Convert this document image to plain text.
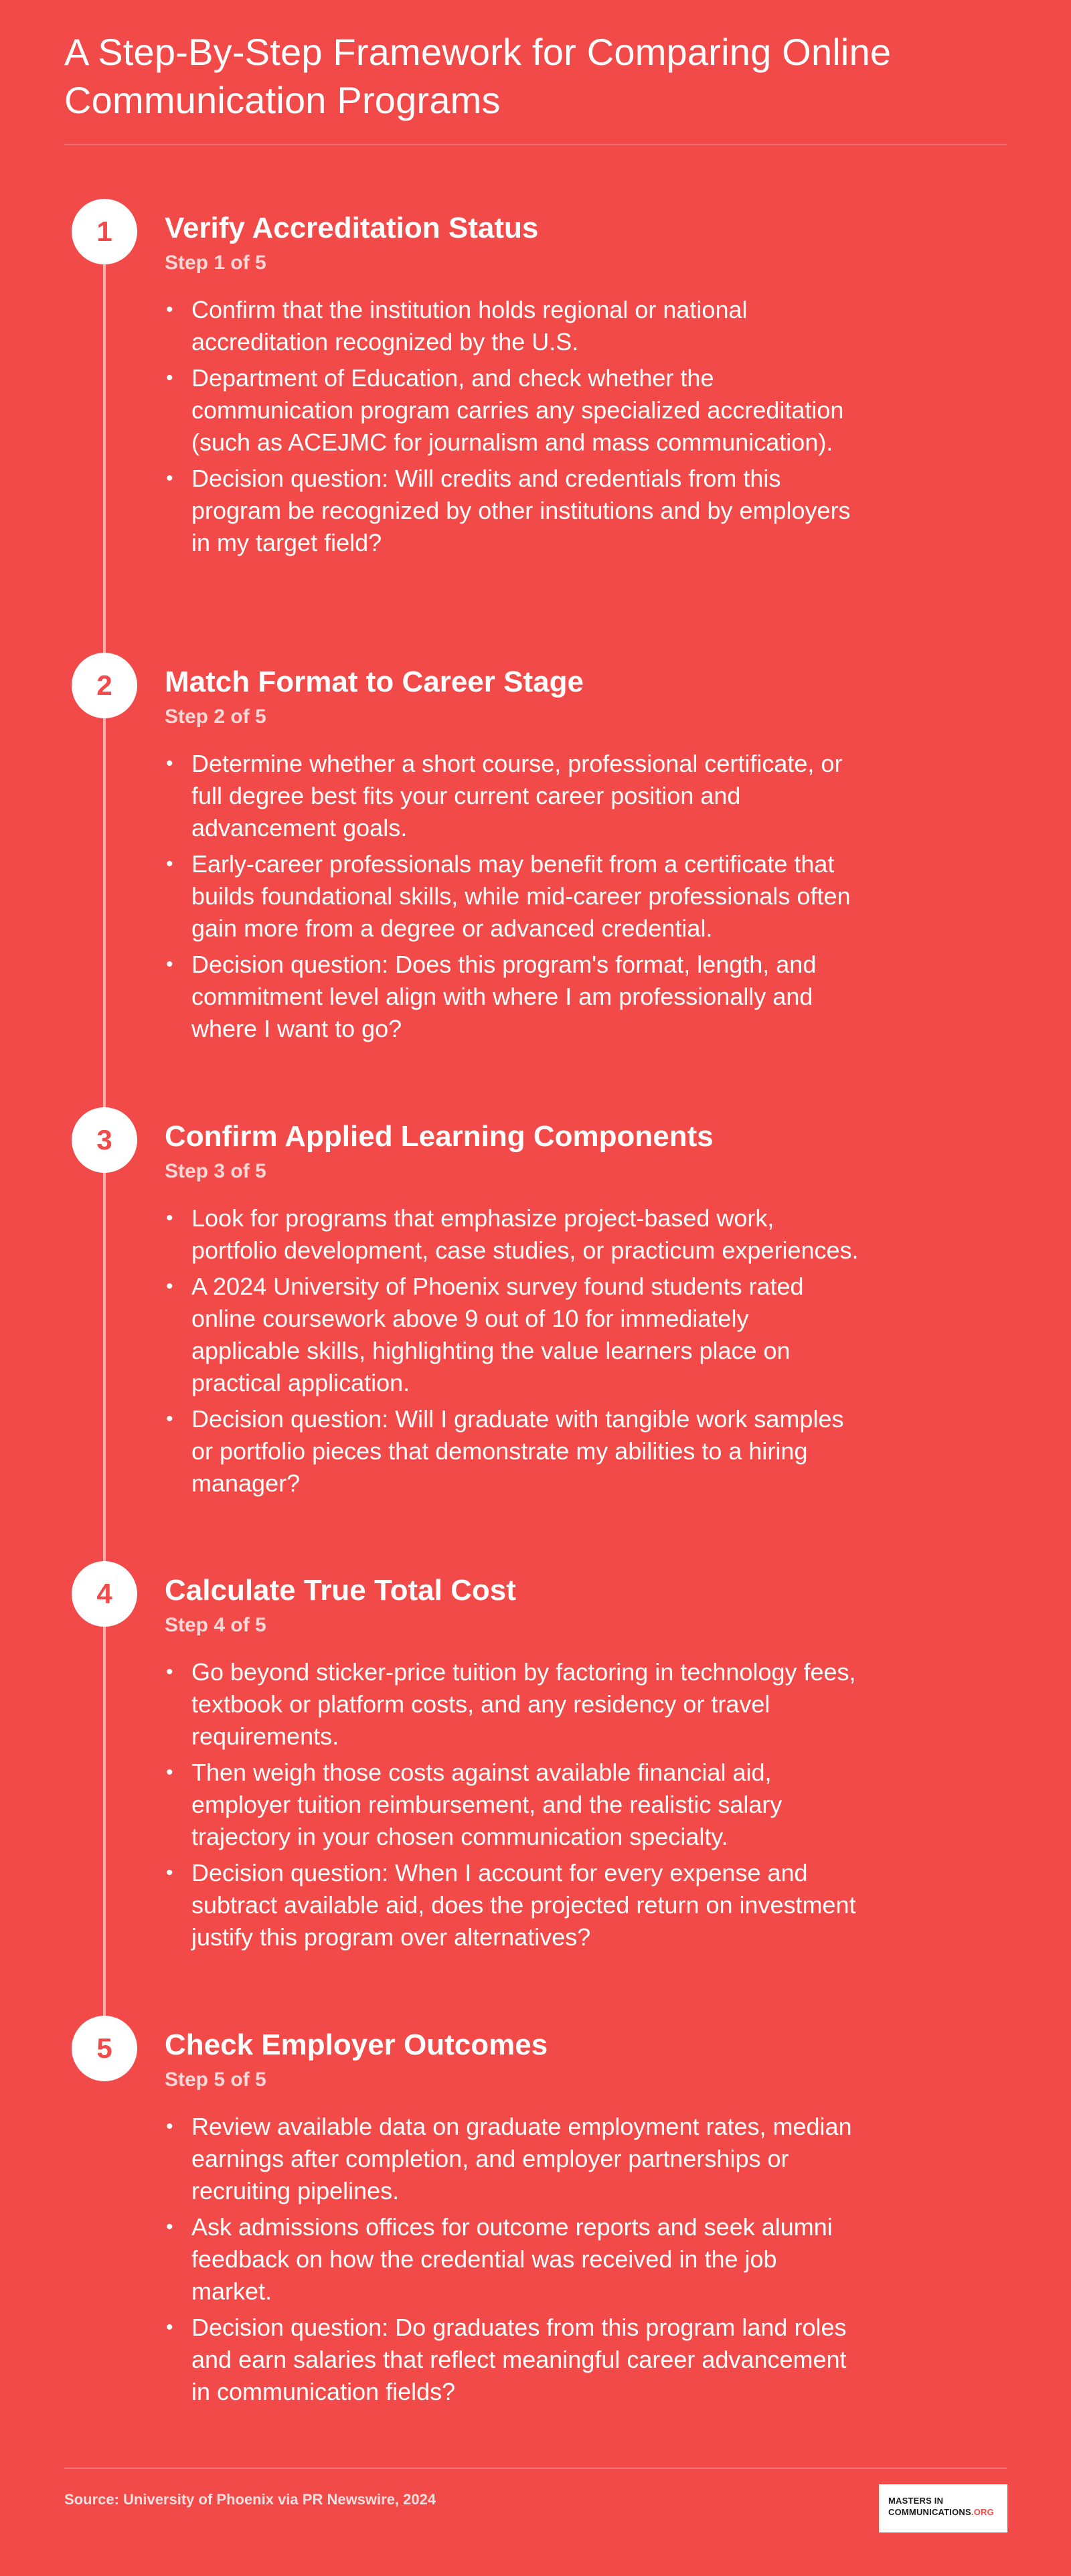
A Step-By-Step Framework for Comparing Online Communication Programs
1	Verify Accreditation Status
Step 1 of 5
• Confirm that the institution holds regional or national accreditation recognized by the U.S.
• Department of Education, and check whether the communication program carries any specialized accreditation (such as ACEJMC for journalism and mass communication).
• Decision question: Will credits and credentials from this program be recognized by other institutions and by employers in my target field?
2	Match Format to Career Stage
Step 2 of 5
• Determine whether a short course, professional certificate, or full degree best fits your current career position and advancement goals.
• Early-career professionals may benefit from a certificate that builds foundational skills, while mid-career professionals often gain more from a degree or advanced credential.
• Decision question: Does this program's format, length, and commitment level align with where I am professionally and where I want to go?
3	Confirm Applied Learning Components
Step 3 of 5
• Look for programs that emphasize project-based work, portfolio development, case studies, or practicum experiences.
• A 2024 University of Phoenix survey found students rated online coursework above 9 out of 10 for immediately applicable skills, highlighting the value learners place on practical application.
• Decision question: Will I graduate with tangible work samples or portfolio pieces that demonstrate my abilities to a hiring manager?
4	Calculate True Total Cost
Step 4 of 5
• Go beyond sticker-price tuition by factoring in technology fees, textbook or platform costs, and any residency or travel requirements.
• Then weigh those costs against available financial aid, employer tuition reimbursement, and the realistic salary trajectory in your chosen communication specialty.
• Decision question: When I account for every expense and subtract available aid, does the projected return on investment justify this program over alternatives?
5	Check Employer Outcomes
Step 5 of 5
• Review available data on graduate employment rates, median earnings after completion, and employer partnerships or recruiting pipelines.
• Ask admissions offices for outcome reports and seek alumni feedback on how the credential was received in the job market.
• Decision question: Do graduates from this program land roles and earn salaries that reflect meaningful career advancement in communication fields?
Source: University of Phoenix via PR Newswire, 2024	MASTERS IN
COMMUNICATIONS.ORG
